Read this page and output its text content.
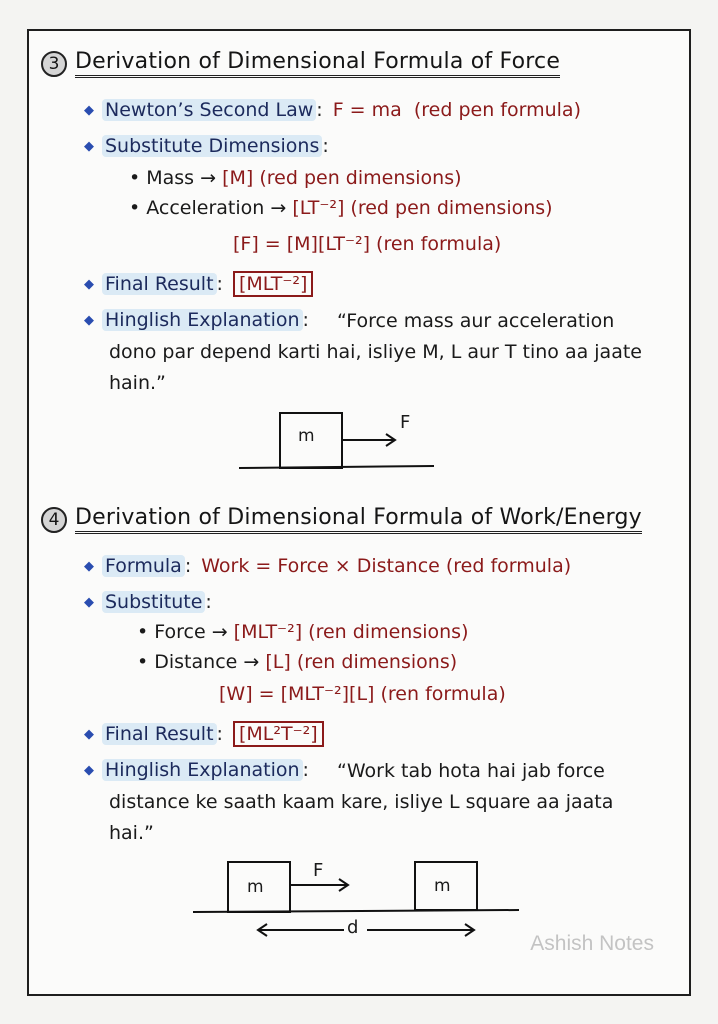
3 Derivation of Dimensional Formula of Force
◆ Newton’s Second Law : F = ma
(red pen formula)
◆ Substitute Dimensions :
• Mass → [M] (red pen dimensions)
• Acceleration → [LT⁻²] (red pen dimensions)
[F] = [M][LT⁻²] (ren formula)
◆ Final Result : [MLT⁻²]
◆ Hinglish Explanation :	“Force mass aur acceleration dono par depend karti hai, isliye M, L aur T tino aa jaate hain.”
m
F
4 Derivation of Dimensional Formula of Work/Energy
◆ Formula : Work = Force × Distance (red formula)
◆ Substitute :
• Force → [MLT⁻²] (ren dimensions)
• Distance → [L] (ren dimensions)
[W] = [MLT⁻²][L] (ren formula)
◆ Final Result : [ML²T⁻²]
◆ Hinglish Explanation :	“Work tab hota hai jab force distance ke saath kaam kare, isliye L square aa jaata hai.”
m	m
F
d
Ashish Notes
